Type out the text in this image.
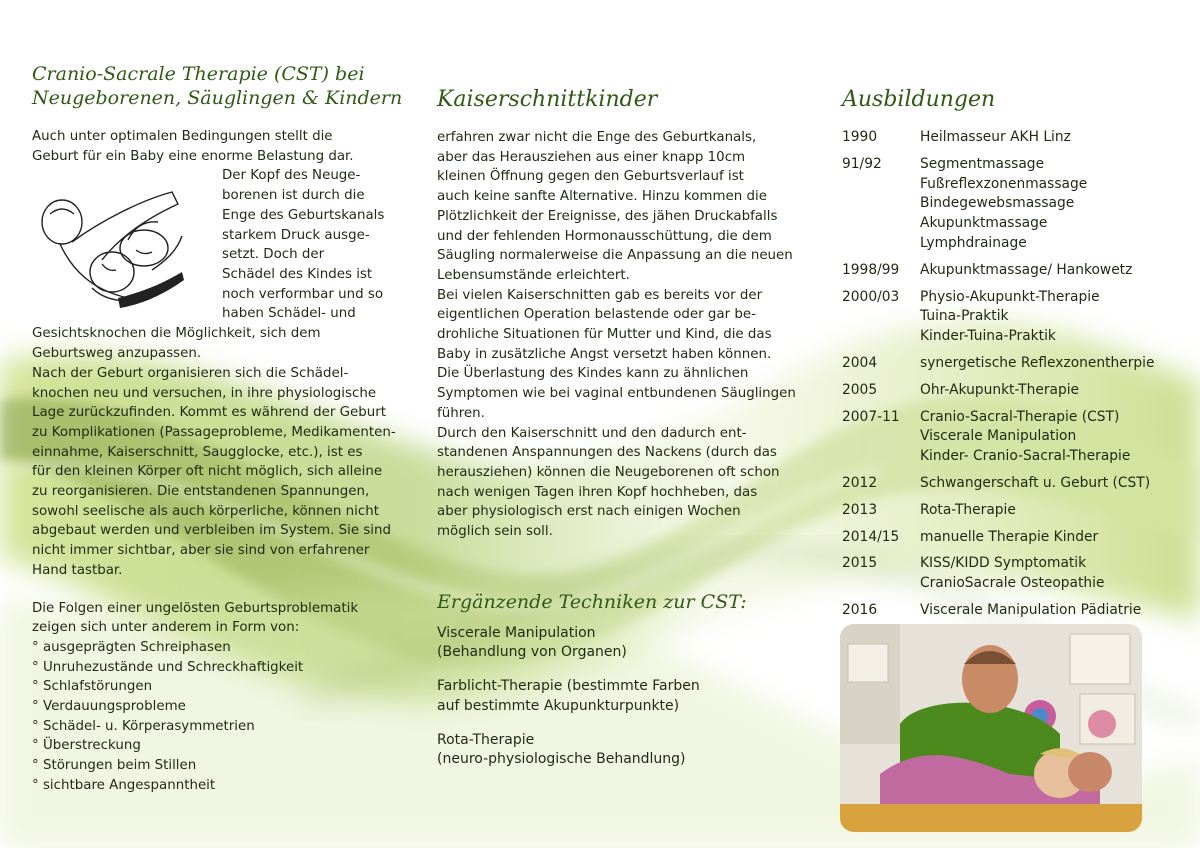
Cranio-Sacrale Therapie (CST) bei
Neugeborenen, Säuglingen & Kindern
Auch unter optimalen Bedingungen stellt die
Geburt für ein Baby eine enorme Belastung dar.
Der Kopf des Neuge-
borenen ist durch die
Enge des Geburtskanals
starkem Druck ausge-
setzt. Doch der
Schädel des Kindes ist
noch verformbar und so
haben Schädel- und
Gesichtsknochen die Möglichkeit, sich dem
Geburtsweg anzupassen.
Nach der Geburt organisieren sich die Schädel-
knochen neu und versuchen, in ihre physiologische
Lage zurückzufinden. Kommt es während der Geburt
zu Komplikationen (Passageprobleme, Medikamenten-
einnahme, Kaiserschnitt, Saugglocke, etc.), ist es
für den kleinen Körper oft nicht möglich, sich alleine
zu reorganisieren. Die entstandenen Spannungen,
sowohl seelische als auch körperliche, können nicht
abgebaut werden und verbleiben im System. Sie sind
nicht immer sichtbar, aber sie sind von erfahrener
Hand tastbar.
Die Folgen einer ungelösten Geburtsproblematik
zeigen sich unter anderem in Form von:
° ausgeprägten Schreiphasen
° Unruhezustände und Schreckhaftigkeit
° Schlafstörungen
° Verdauungsprobleme
° Schädel- u. Körperasymmetrien
° Überstreckung
° Störungen beim Stillen
° sichtbare Angespanntheit
Kaiserschnittkinder
erfahren zwar nicht die Enge des Geburtkanals,
aber das Herausziehen aus einer knapp 10cm
kleinen Öffnung gegen den Geburtsverlauf ist
auch keine sanfte Alternative. Hinzu kommen die
Plötzlichkeit der Ereignisse, des jähen Druckabfalls
und der fehlenden Hormonausschüttung, die dem
Säugling normalerweise die Anpassung an die neuen
Lebensumstände erleichtert.
Bei vielen Kaiserschnitten gab es bereits vor der
eigentlichen Operation belastende oder gar be-
drohliche Situationen für Mutter und Kind, die das
Baby in zusätzliche Angst versetzt haben können.
Die Überlastung des Kindes kann zu ähnlichen
Symptomen wie bei vaginal entbundenen Säuglingen
führen.
Durch den Kaiserschnitt und den dadurch ent-
standenen Anspannungen des Nackens (durch das
herausziehen) können die Neugeborenen oft schon
nach wenigen Tagen ihren Kopf hochheben, das
aber physiologisch erst nach einigen Wochen
möglich sein soll.
Ergänzende Techniken zur CST:
Viscerale Manipulation
(Behandlung von Organen)
Farblicht-Therapie (bestimmte Farben
auf bestimmte Akupunkturpunkte)
Rota-Therapie
(neuro-physiologische Behandlung)
Ausbildungen
1990	Heilmasseur AKH Linz
91/92	Segmentmassage
Fußreflexzonenmassage
Bindegewebsmassage
Akupunktmassage
Lymphdrainage
1998/99	Akupunktmassage/ Hankowetz
2000/03	Physio-Akupunkt-Therapie
Tuina-Praktik
Kinder-Tuina-Praktik
2004	synergetische Reflexzonentherpie
2005	Ohr-Akupunkt-Therapie
2007-11	Cranio-Sacral-Therapie (CST)
Viscerale Manipulation
Kinder- Cranio-Sacral-Therapie
2012	Schwangerschaft u. Geburt (CST)
2013	Rota-Therapie
2014/15	manuelle Therapie Kinder
2015	KISS/KIDD Symptomatik
CranioSacrale Osteopathie
2016	Viscerale Manipulation Pädiatrie
